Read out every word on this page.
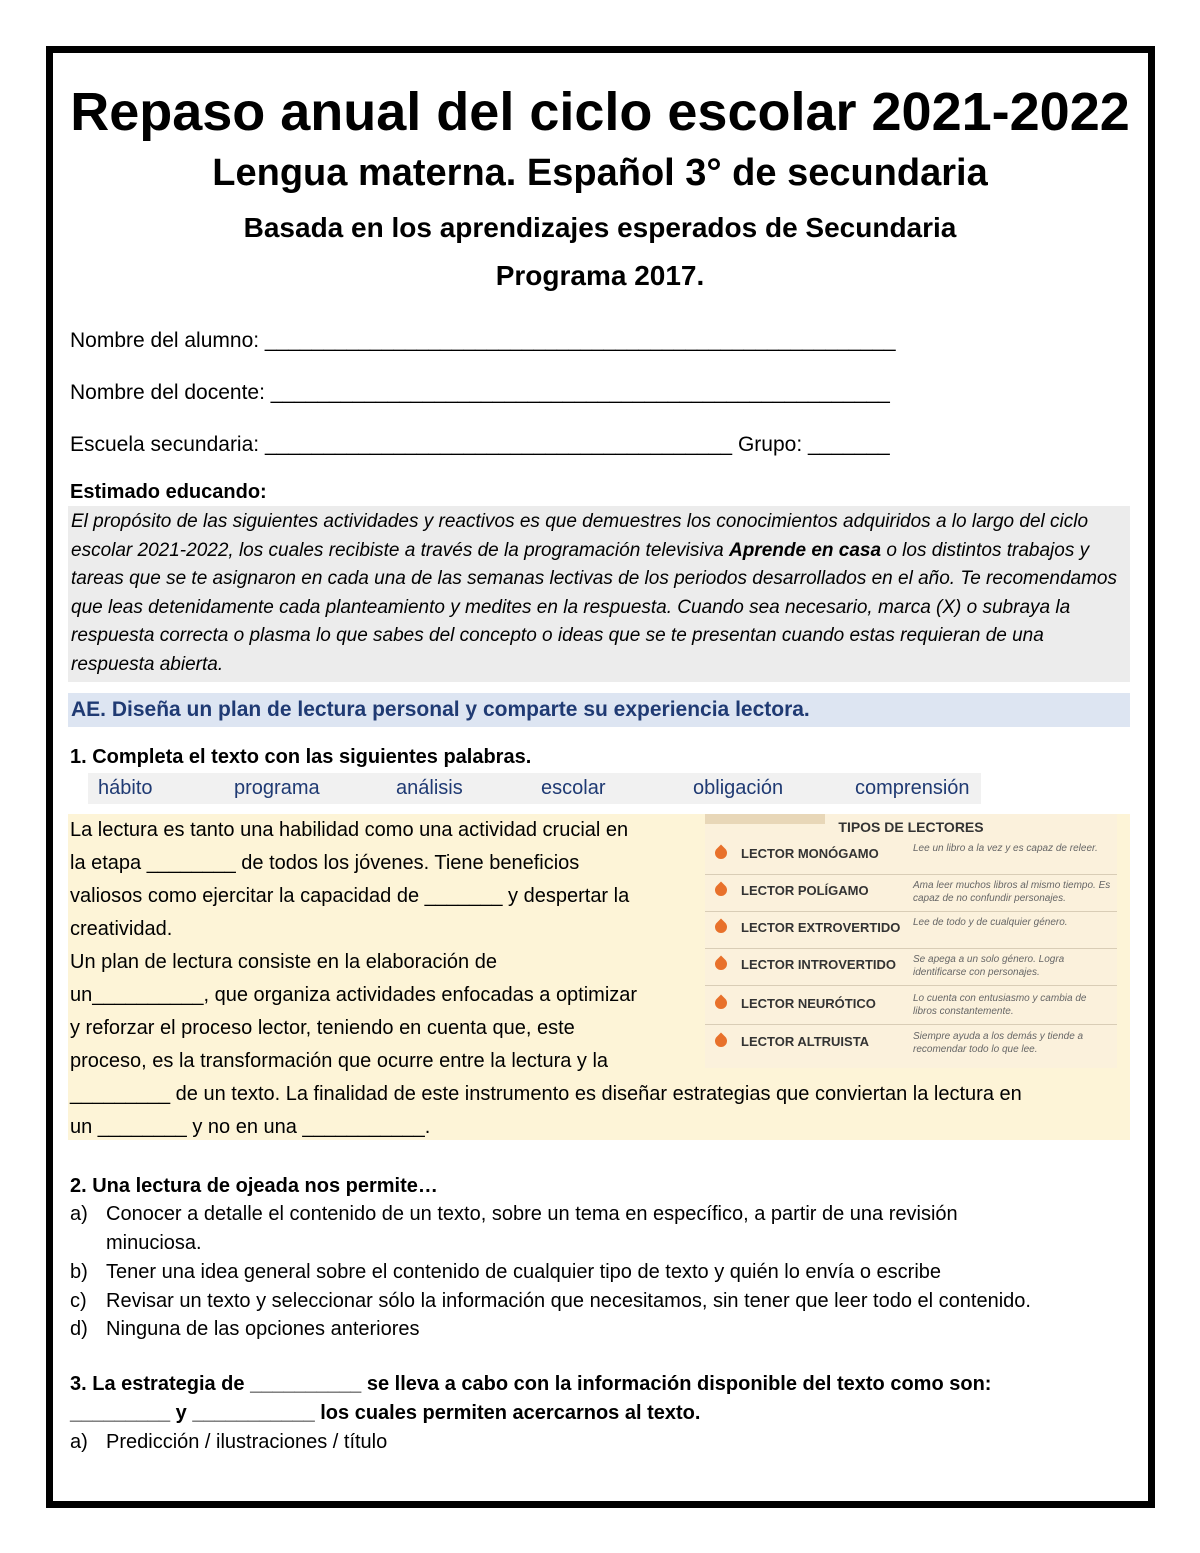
Repaso anual del ciclo escolar 2021-2022
Lengua materna. Español 3° de secundaria
Basada en los aprendizajes esperados de Secundaria
Programa 2017.
Nombre del alumno: ______________________________________________________
Nombre del docente: _____________________________________________________
Escuela secundaria: ________________________________________ Grupo: _______
Estimado educando:
El propósito de las siguientes actividades y reactivos es que demuestres los conocimientos adquiridos a lo largo del ciclo escolar 2021-2022, los cuales recibiste a través de la programación televisiva Aprende en casa o los distintos trabajos y tareas que se te asignaron en cada una de las semanas lectivas de los periodos desarrollados en el año. Te recomendamos que leas detenidamente cada planteamiento y medites en la respuesta. Cuando sea necesario, marca (X) o subraya la respuesta correcta o plasma lo que sabes del concepto o ideas que se te presentan cuando estas requieran de una respuesta abierta.
AE. Diseña un plan de lectura personal y comparte su experiencia lectora.
1. Completa el texto con las siguientes palabras.
hábito	programa	análisis	escolar	obligación	comprensión
La lectura es tanto una habilidad como una actividad crucial en
la etapa ________ de todos los jóvenes. Tiene beneficios
valiosos como ejercitar la capacidad de _______ y despertar la
creatividad.
Un plan de lectura consiste en la elaboración de
un__________, que organiza actividades enfocadas a optimizar
y reforzar el proceso lector, teniendo en cuenta que, este
proceso, es la transformación que ocurre entre la lectura y la
_________ de un texto. La finalidad de este instrumento es diseñar estrategias que conviertan la lectura en
un ________ y no en una ___________.
TIPOS DE LECTORES
LECTOR MONÓGAMO	Lee un libro a la vez y es capaz de releer.
LECTOR POLÍGAMO	Ama leer muchos libros al mismo tiempo. Es capaz de no confundir personajes.
LECTOR EXTROVERTIDO Lee de todo y de cualquier género.
LECTOR INTROVERTIDO Se apega a un solo género. Logra identificarse con personajes.
LECTOR NEURÓTICO	Lo cuenta con entusiasmo y cambia de libros constantemente.
LECTOR ALTRUISTA	Siempre ayuda a los demás y tiende a recomendar todo lo que lee.
2. Una lectura de ojeada nos permite…
a) Conocer a detalle el contenido de un texto, sobre un tema en específico, a partir de una revisión
minuciosa.
b) Tener una idea general sobre el contenido de cualquier tipo de texto y quién lo envía o escribe
c) Revisar un texto y seleccionar sólo la información que necesitamos, sin tener que leer todo el contenido.
d) Ninguna de las opciones anteriores
3. La estrategia de __________ se lleva a cabo con la información disponible del texto como son:
_________ y ___________ los cuales permiten acercarnos al texto.
a) Predicción / ilustraciones / título
